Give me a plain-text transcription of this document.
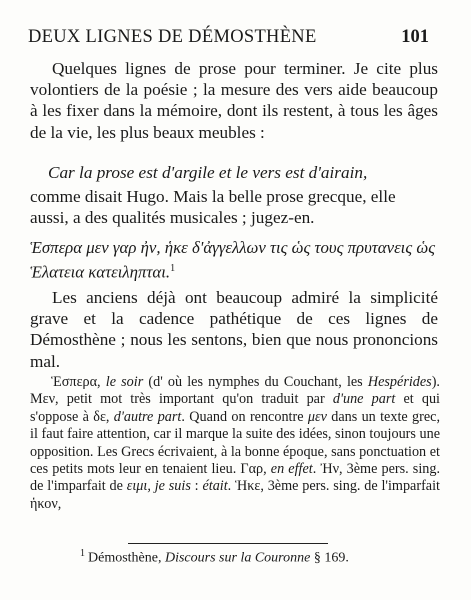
DEUX LIGNES DE DÉMOSTHÈNE	101

Quelques lignes de prose pour terminer. Je cite plus volontiers de la poésie ; la mesure des vers aide beaucoup à les fixer dans la mémoire, dont ils restent, à tous les âges de la vie, les plus beaux meubles :

Car la prose est d'argile et le vers est d'airain,

comme disait Hugo. Mais la belle prose grecque, elle aussi, a des qualités musicales ; jugez-en.

Ἑσπερα μεν γαρ ἠν, ἡκε δ'ἀγγελλων τις ὡς τους πρυτανεις ὡς Ἑλατεια κατειληπται.$^1$

Les anciens déjà ont beaucoup admiré la simplicité grave et la cadence pathétique de ces lignes de Démosthène ; nous les sentons, bien que nous prononcions mal.

Ἑσπερα, le soir (d' où les nymphes du Couchant, les Hespérides). Μεν, petit mot très important qu'on traduit par d'une part et qui s'oppose à δε, d'autre part. Quand on rencontre μεν dans un texte grec, il faut faire attention, car il marque la suite des idées, sinon toujours une opposition. Les Grecs écrivaient, à la bonne époque, sans ponctuation et ces petits mots leur en tenaient lieu. Γαρ, en effet. Ἠν, 3ème pers. sing. de l'imparfait de ειμι, je suis : était. Ἡκε, 3ème pers. sing. de l'imparfait ἡκον,

$^1$ Démosthène, Discours sur la Couronne § 169.
